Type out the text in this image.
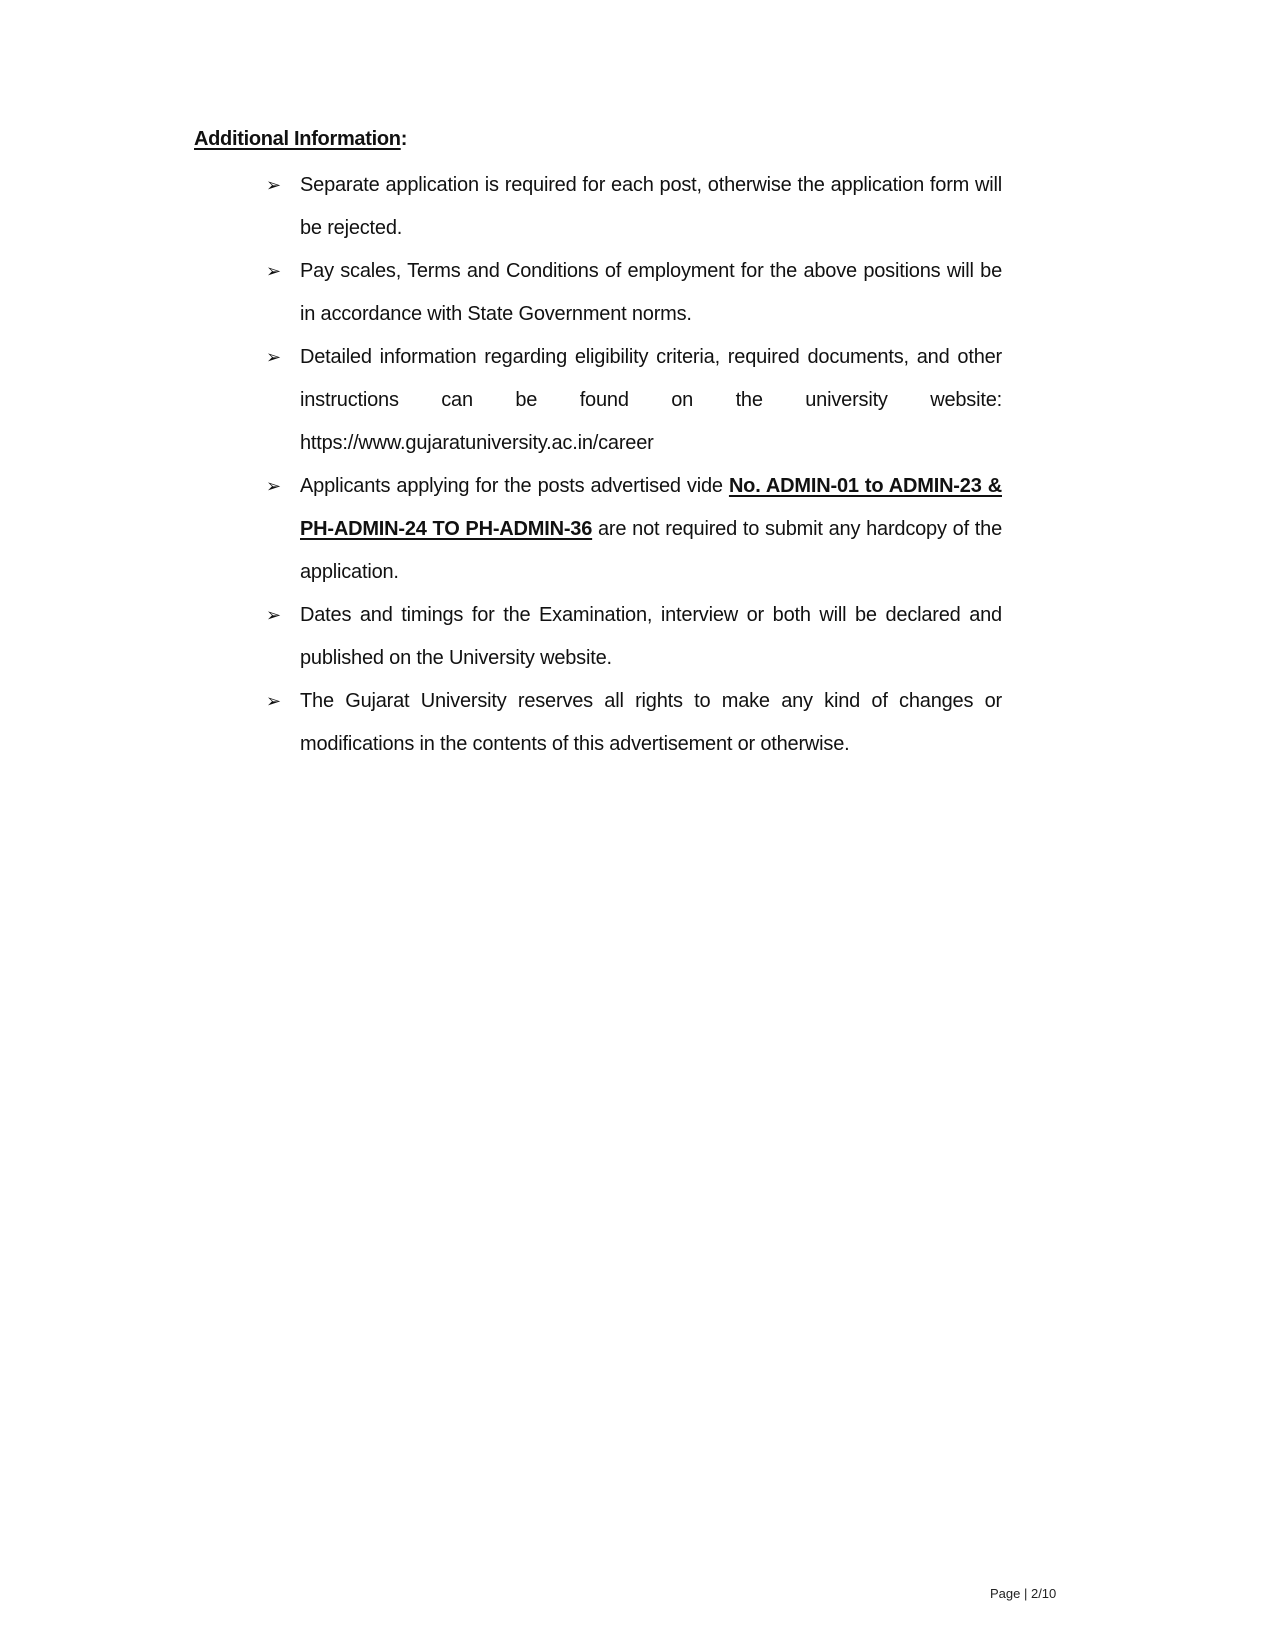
Additional Information:
➢ Separate application is required for each post, otherwise the application form will be rejected.
➢ Pay scales, Terms and Conditions of employment for the above positions will be in accordance with State Government norms.
➢ Detailed information regarding eligibility criteria, required documents, and other instructions can be found on the university website: https://www.gujaratuniversity.ac.in/career
➢ Applicants applying for the posts advertised vide No. ADMIN-01 to ADMIN-23 & PH-ADMIN-24 TO PH-ADMIN-36 are not required to submit any hardcopy of the application.
➢ Dates and timings for the Examination, interview or both will be declared and published on the University website.
➢ The Gujarat University reserves all rights to make any kind of changes or modifications in the contents of this advertisement or otherwise.
Page | 2/10
